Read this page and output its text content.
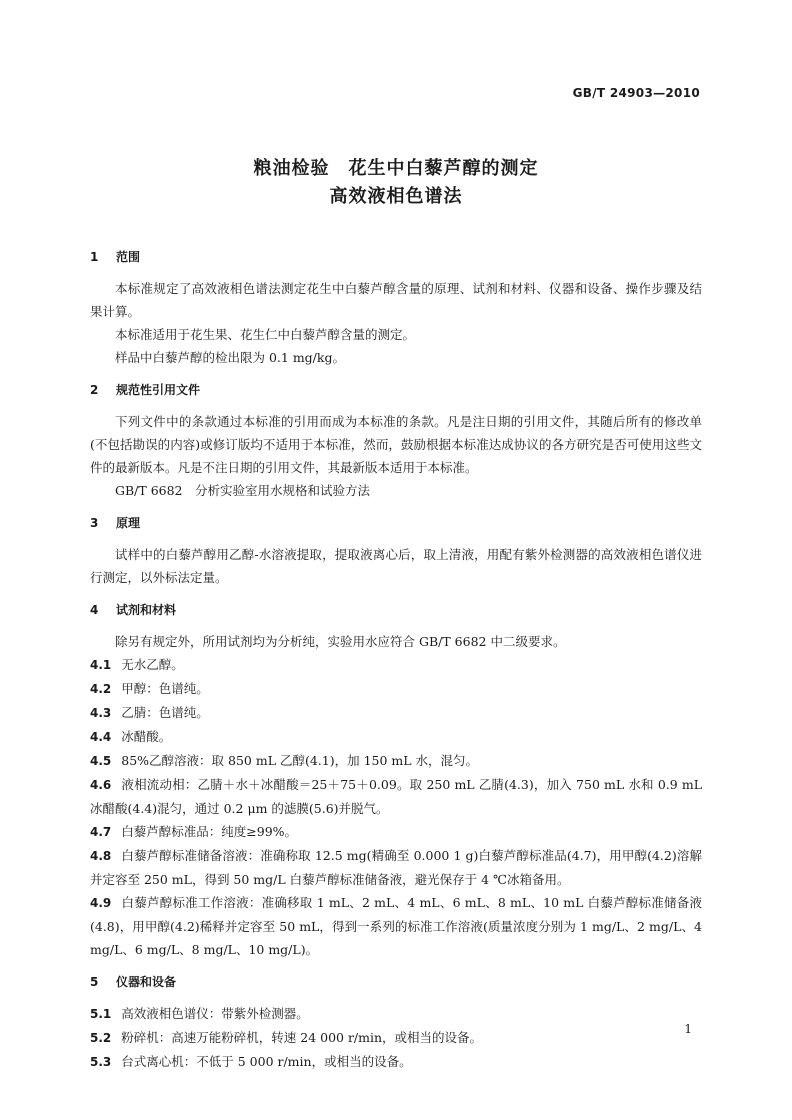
GB/T 24903—2010
粮油检验　花生中白藜芦醇的测定
高效液相色谱法

1 范围

本标准规定了高效液相色谱法测定花生中白藜芦醇含量的原理、试剂和材料、仪器和设备、操作步骤及结果计算。

本标准适用于花生果、花生仁中白藜芦醇含量的测定。

样品中白藜芦醇的检出限为 0.1 mg/kg。

2 规范性引用文件

下列文件中的条款通过本标准的引用而成为本标准的条款。凡是注日期的引用文件，其随后所有的修改单(不包括勘误的内容)或修订版均不适用于本标准，然而，鼓励根据本标准达成协议的各方研究是否可使用这些文件的最新版本。凡是不注日期的引用文件，其最新版本适用于本标准。

GB/T 6682　分析实验室用水规格和试验方法

3 原理

试样中的白藜芦醇用乙醇-水溶液提取，提取液离心后，取上清液，用配有紫外检测器的高效液相色谱仪进行测定，以外标法定量。

4 试剂和材料

除另有规定外，所用试剂均为分析纯，实验用水应符合 GB/T 6682 中二级要求。

4.1 无水乙醇。

4.2 甲醇：色谱纯。

4.3 乙腈：色谱纯。

4.4 冰醋酸。

4.5 85%乙醇溶液：取 850 mL 乙醇(4.1)，加 150 mL 水，混匀。

4.6 液相流动相：乙腈＋水＋冰醋酸＝25＋75＋0.09。取 250 mL 乙腈(4.3)，加入 750 mL 水和 0.9 mL 冰醋酸(4.4)混匀，通过 0.2 μm 的滤膜(5.6)并脱气。

4.7 白藜芦醇标准品：纯度≥99%。

4.8 白藜芦醇标准储备溶液：准确称取 12.5 mg(精确至 0.000 1 g)白藜芦醇标准品(4.7)，用甲醇(4.2)溶解并定容至 250 mL，得到 50 mg/L 白藜芦醇标准储备液，避光保存于 4 ℃冰箱备用。

4.9 白藜芦醇标准工作溶液：准确移取 1 mL、2 mL、4 mL、6 mL、8 mL、10 mL 白藜芦醇标准储备液(4.8)，用甲醇(4.2)稀释并定容至 50 mL，得到一系列的标准工作溶液(质量浓度分别为 1 mg/L、2 mg/L、4 mg/L、6 mg/L、8 mg/L、10 mg/L)。

5 仪器和设备

5.1 高效液相色谱仪：带紫外检测器。

5.2 粉碎机：高速万能粉碎机，转速 24 000 r/min，或相当的设备。

5.3 台式离心机：不低于 5 000 r/min，或相当的设备。

1
